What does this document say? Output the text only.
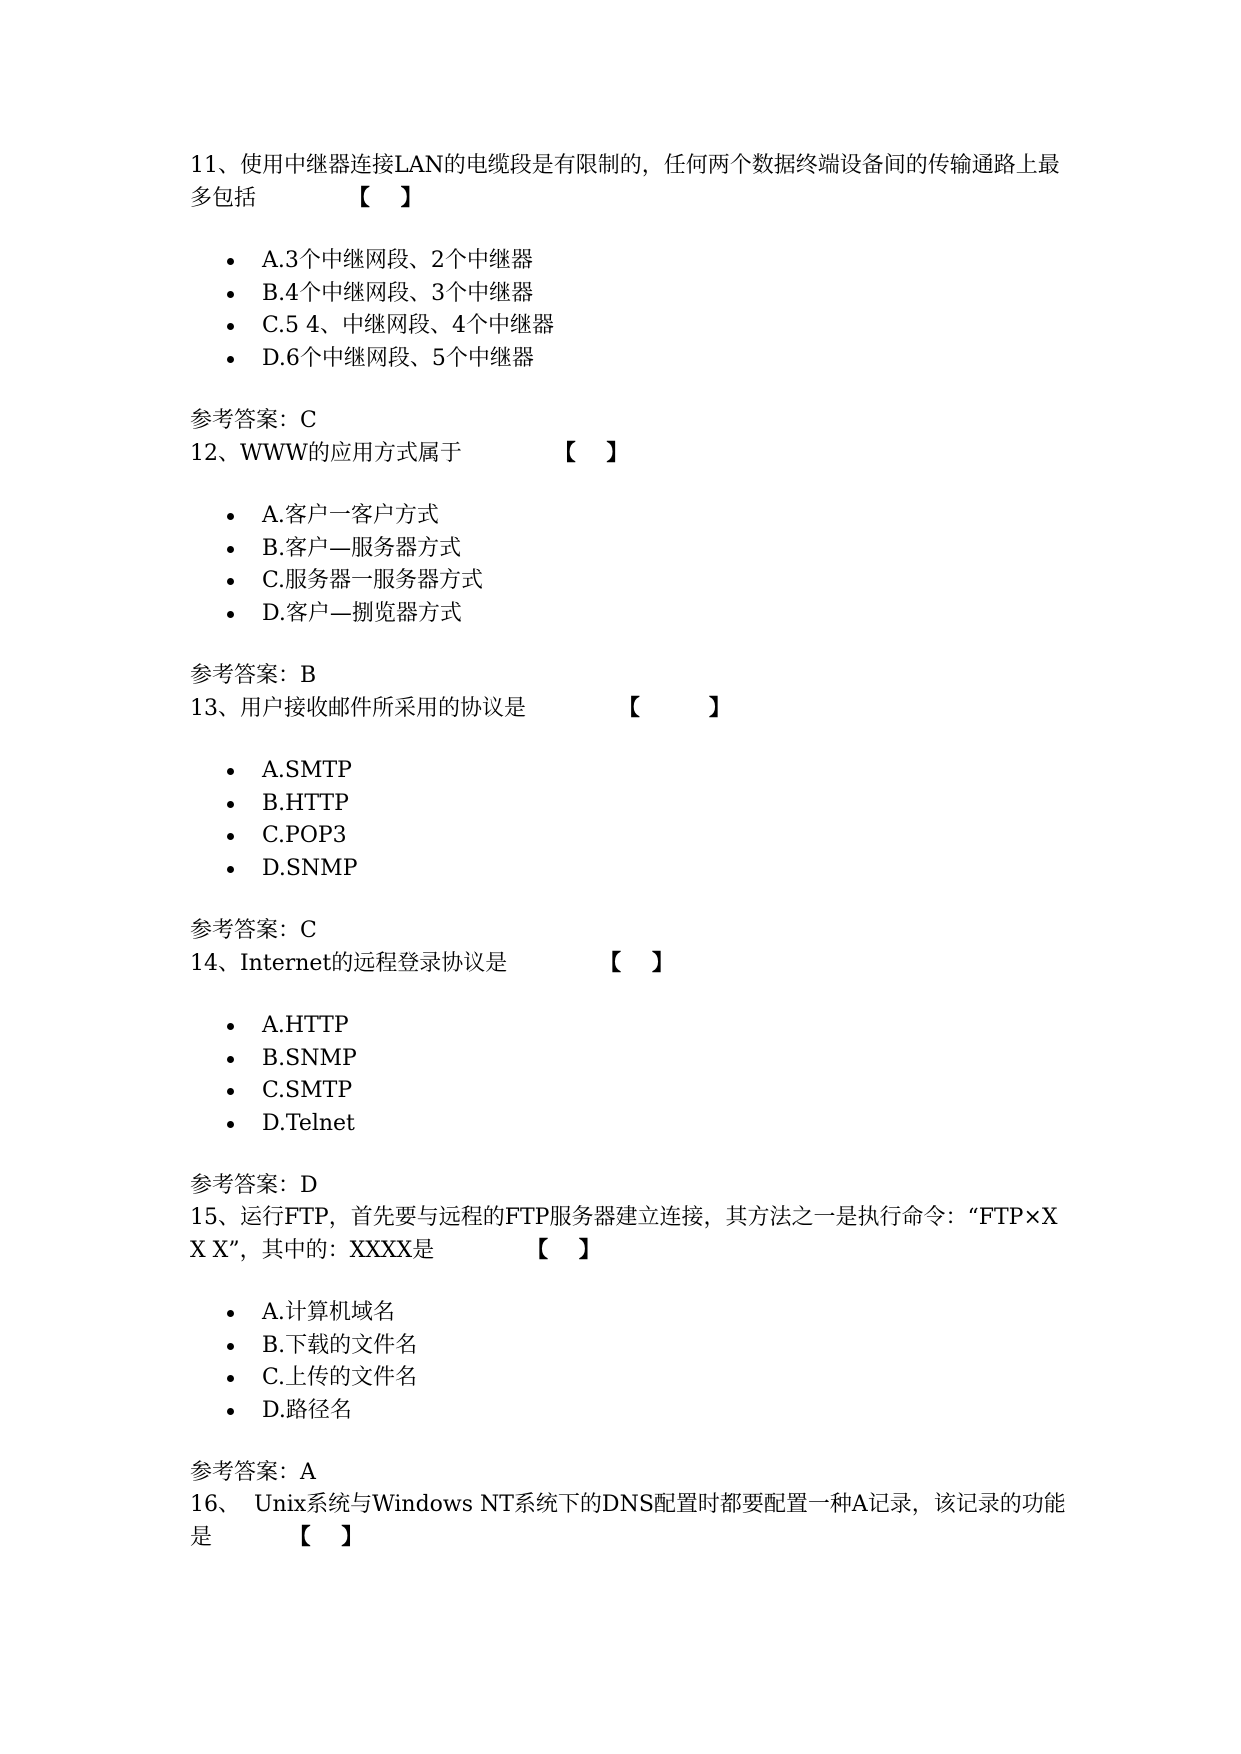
11、使用中继器连接LAN的电缆段是有限制的，任何两个数据终端设备间的传输通路上最多包括            【    】

A.3个中继网段、2个中继器
B.4个中继网段、3个中继器
C.5 4、中继网段、4个中继器
D.6个中继网段、5个中继器

参考答案：C

12、WWW的应用方式属于            【    】

A.客户一客户方式
B.客户—服务器方式
C.服务器一服务器方式
D.客户—捌览器方式

参考答案：B

13、用户接收邮件所采用的协议是            【         】

A.SMTP
B.HTTP
C.POP3
D.SNMP

参考答案：C

14、Internet的远程登录协议是            【    】

A.HTTP
B.SNMP
C.SMTP
D.Telnet

参考答案：D

15、运行FTP，首先要与远程的FTP服务器建立连接，其方法之一是执行命令：“FTP×X X X”，其中的：XXXX是            【    】

A.计算机域名
B.下载的文件名
C.上传的文件名
D.路径名

参考答案：A

16、  Unix系统与Windows NT系统下的DNS配置时都要配置一种A记录，该记录的功能是          【    】
